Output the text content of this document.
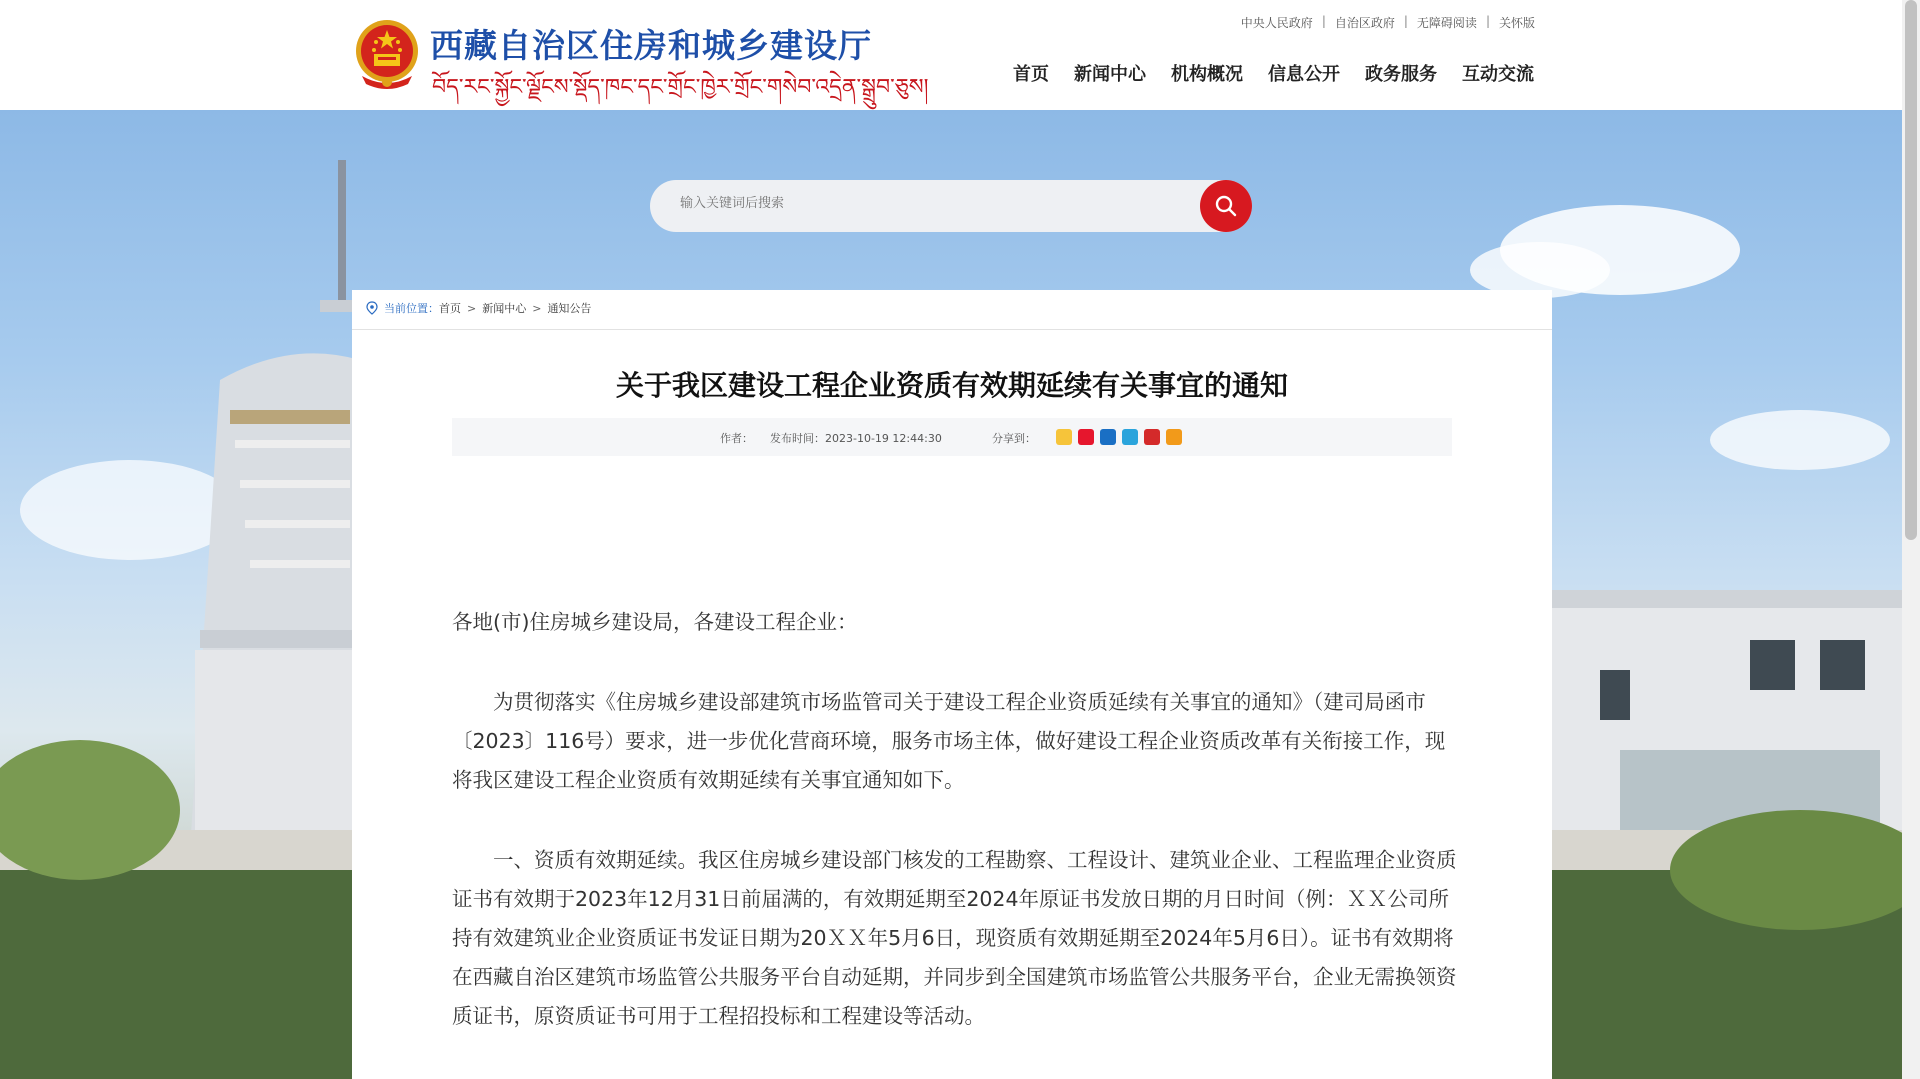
西藏自治区住房和城乡建设厅
བོད་རང་སྐྱོང་ལྗོངས་སྡོད་ཁང་དང་གྲོང་ཁྱེར་གྲོང་གསེབ་འདྲེན་སྒྲུབ་ཅུས།
中央人民政府 | 自治区政府 | 无障碍阅读 | 关怀版
首页 新闻中心 机构概况 信息公开 政务服务 互动交流
输入关键词后搜索
当前位置： 首页 > 新闻中心 > 通知公告
关于我区建设工程企业资质有效期延续有关事宜的通知
作者： 发布时间：2023-10-19 12:44:30	分享到：

各地(市)住房城乡建设局，各建设工程企业：

为贯彻落实《住房城乡建设部建筑市场监管司关于建设工程企业资质延续有关事宜的通知》（建司局函市〔2023〕116号）要求，进一步优化营商环境，服务市场主体，做好建设工程企业资质改革有关衔接工作，现将我区建设工程企业资质有效期延续有关事宜通知如下。

一、资质有效期延续。我区住房城乡建设部门核发的工程勘察、工程设计、建筑业企业、工程监理企业资质证书有效期于2023年12月31日前届满的，有效期延期至2024年原证书发放日期的月日时间（例：ＸＸ公司所持有效建筑业企业资质证书发证日期为20ＸＸ年5月6日，现资质有效期延期至2024年5月6日）。证书有效期将在西藏自治区建筑市场监管公共服务平台自动延期，并同步到全国建筑市场监管公共服务平台，企业无需换领资质证书，原资质证书可用于工程招投标和工程建设等活动。
